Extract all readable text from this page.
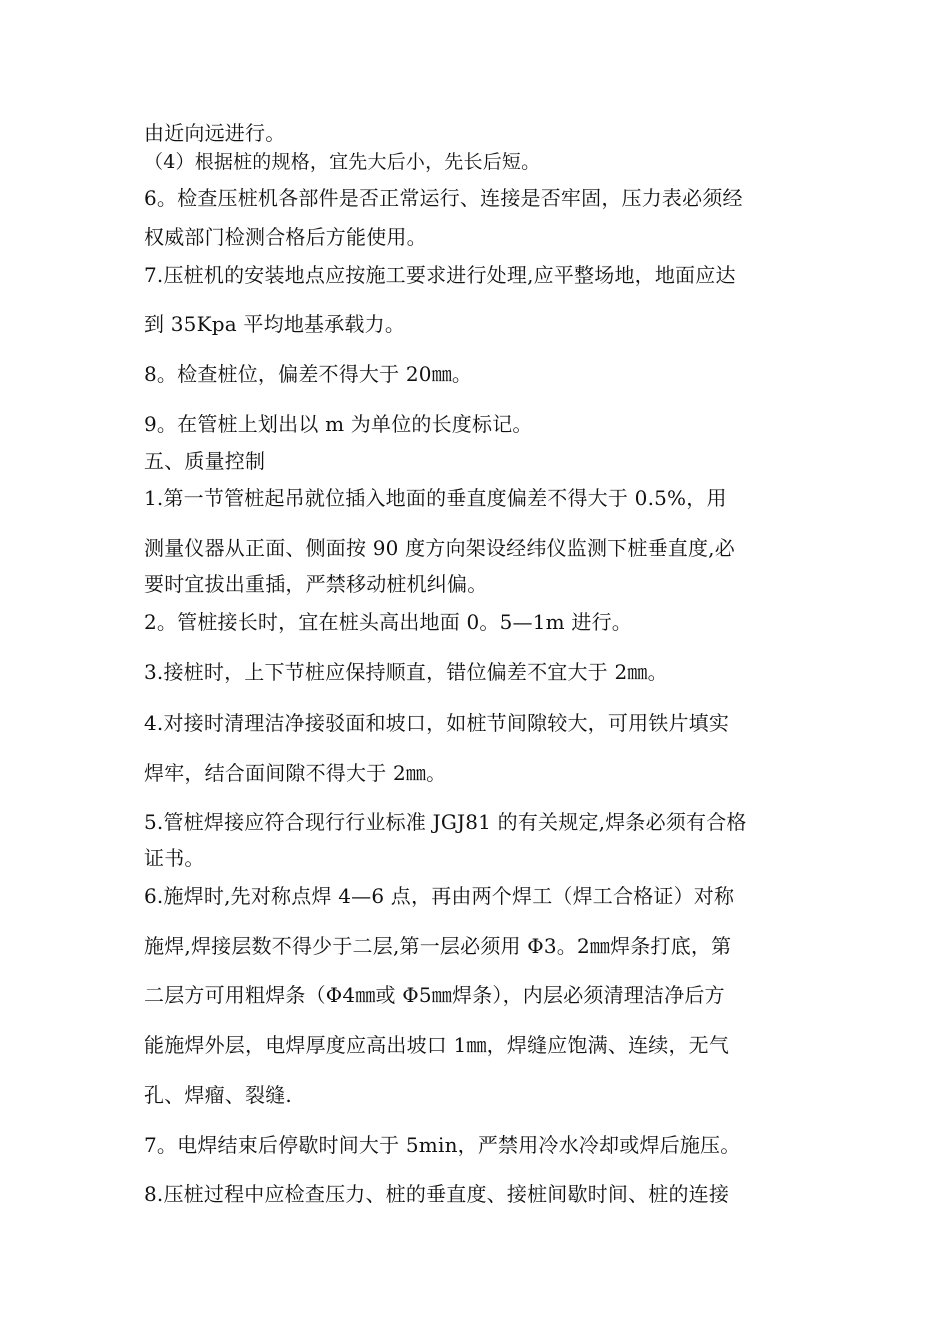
由近向远进行。
（4）根据桩的规格，宜先大后小，先长后短。
6。检查压桩机各部件是否正常运行、连接是否牢固，压力表必须经
权威部门检测合格后方能使用。
7.压桩机的安装地点应按施工要求进行处理,应平整场地，地面应达
到 35Kpa 平均地基承载力。
8。检查桩位，偏差不得大于 20㎜。
9。在管桩上划出以 m 为单位的长度标记。
五、质量控制
1.第一节管桩起吊就位插入地面的垂直度偏差不得大于 0.5%，用
测量仪器从正面、侧面按 90 度方向架设经纬仪监测下桩垂直度,必
要时宜拔出重插，严禁移动桩机纠偏。
2。管桩接长时，宜在桩头高出地面 0。5—1m 进行。
3.接桩时，上下节桩应保持顺直，错位偏差不宜大于 2㎜。
4.对接时清理洁净接驳面和坡口，如桩节间隙较大，可用铁片填实
焊牢，结合面间隙不得大于 2㎜。
5.管桩焊接应符合现行行业标准 JGJ81 的有关规定,焊条必须有合格
证书。
6.施焊时,先对称点焊 4—6 点，再由两个焊工（焊工合格证）对称
施焊,焊接层数不得少于二层,第一层必须用 Φ3。2㎜焊条打底，第
二层方可用粗焊条（Φ4㎜或 Φ5㎜焊条），内层必须清理洁净后方
能施焊外层，电焊厚度应高出坡口 1㎜，焊缝应饱满、连续，无气
孔、焊瘤、裂缝.
7。电焊结束后停歇时间大于 5min，严禁用冷水冷却或焊后施压。
8.压桩过程中应检查压力、桩的垂直度、接桩间歇时间、桩的连接
